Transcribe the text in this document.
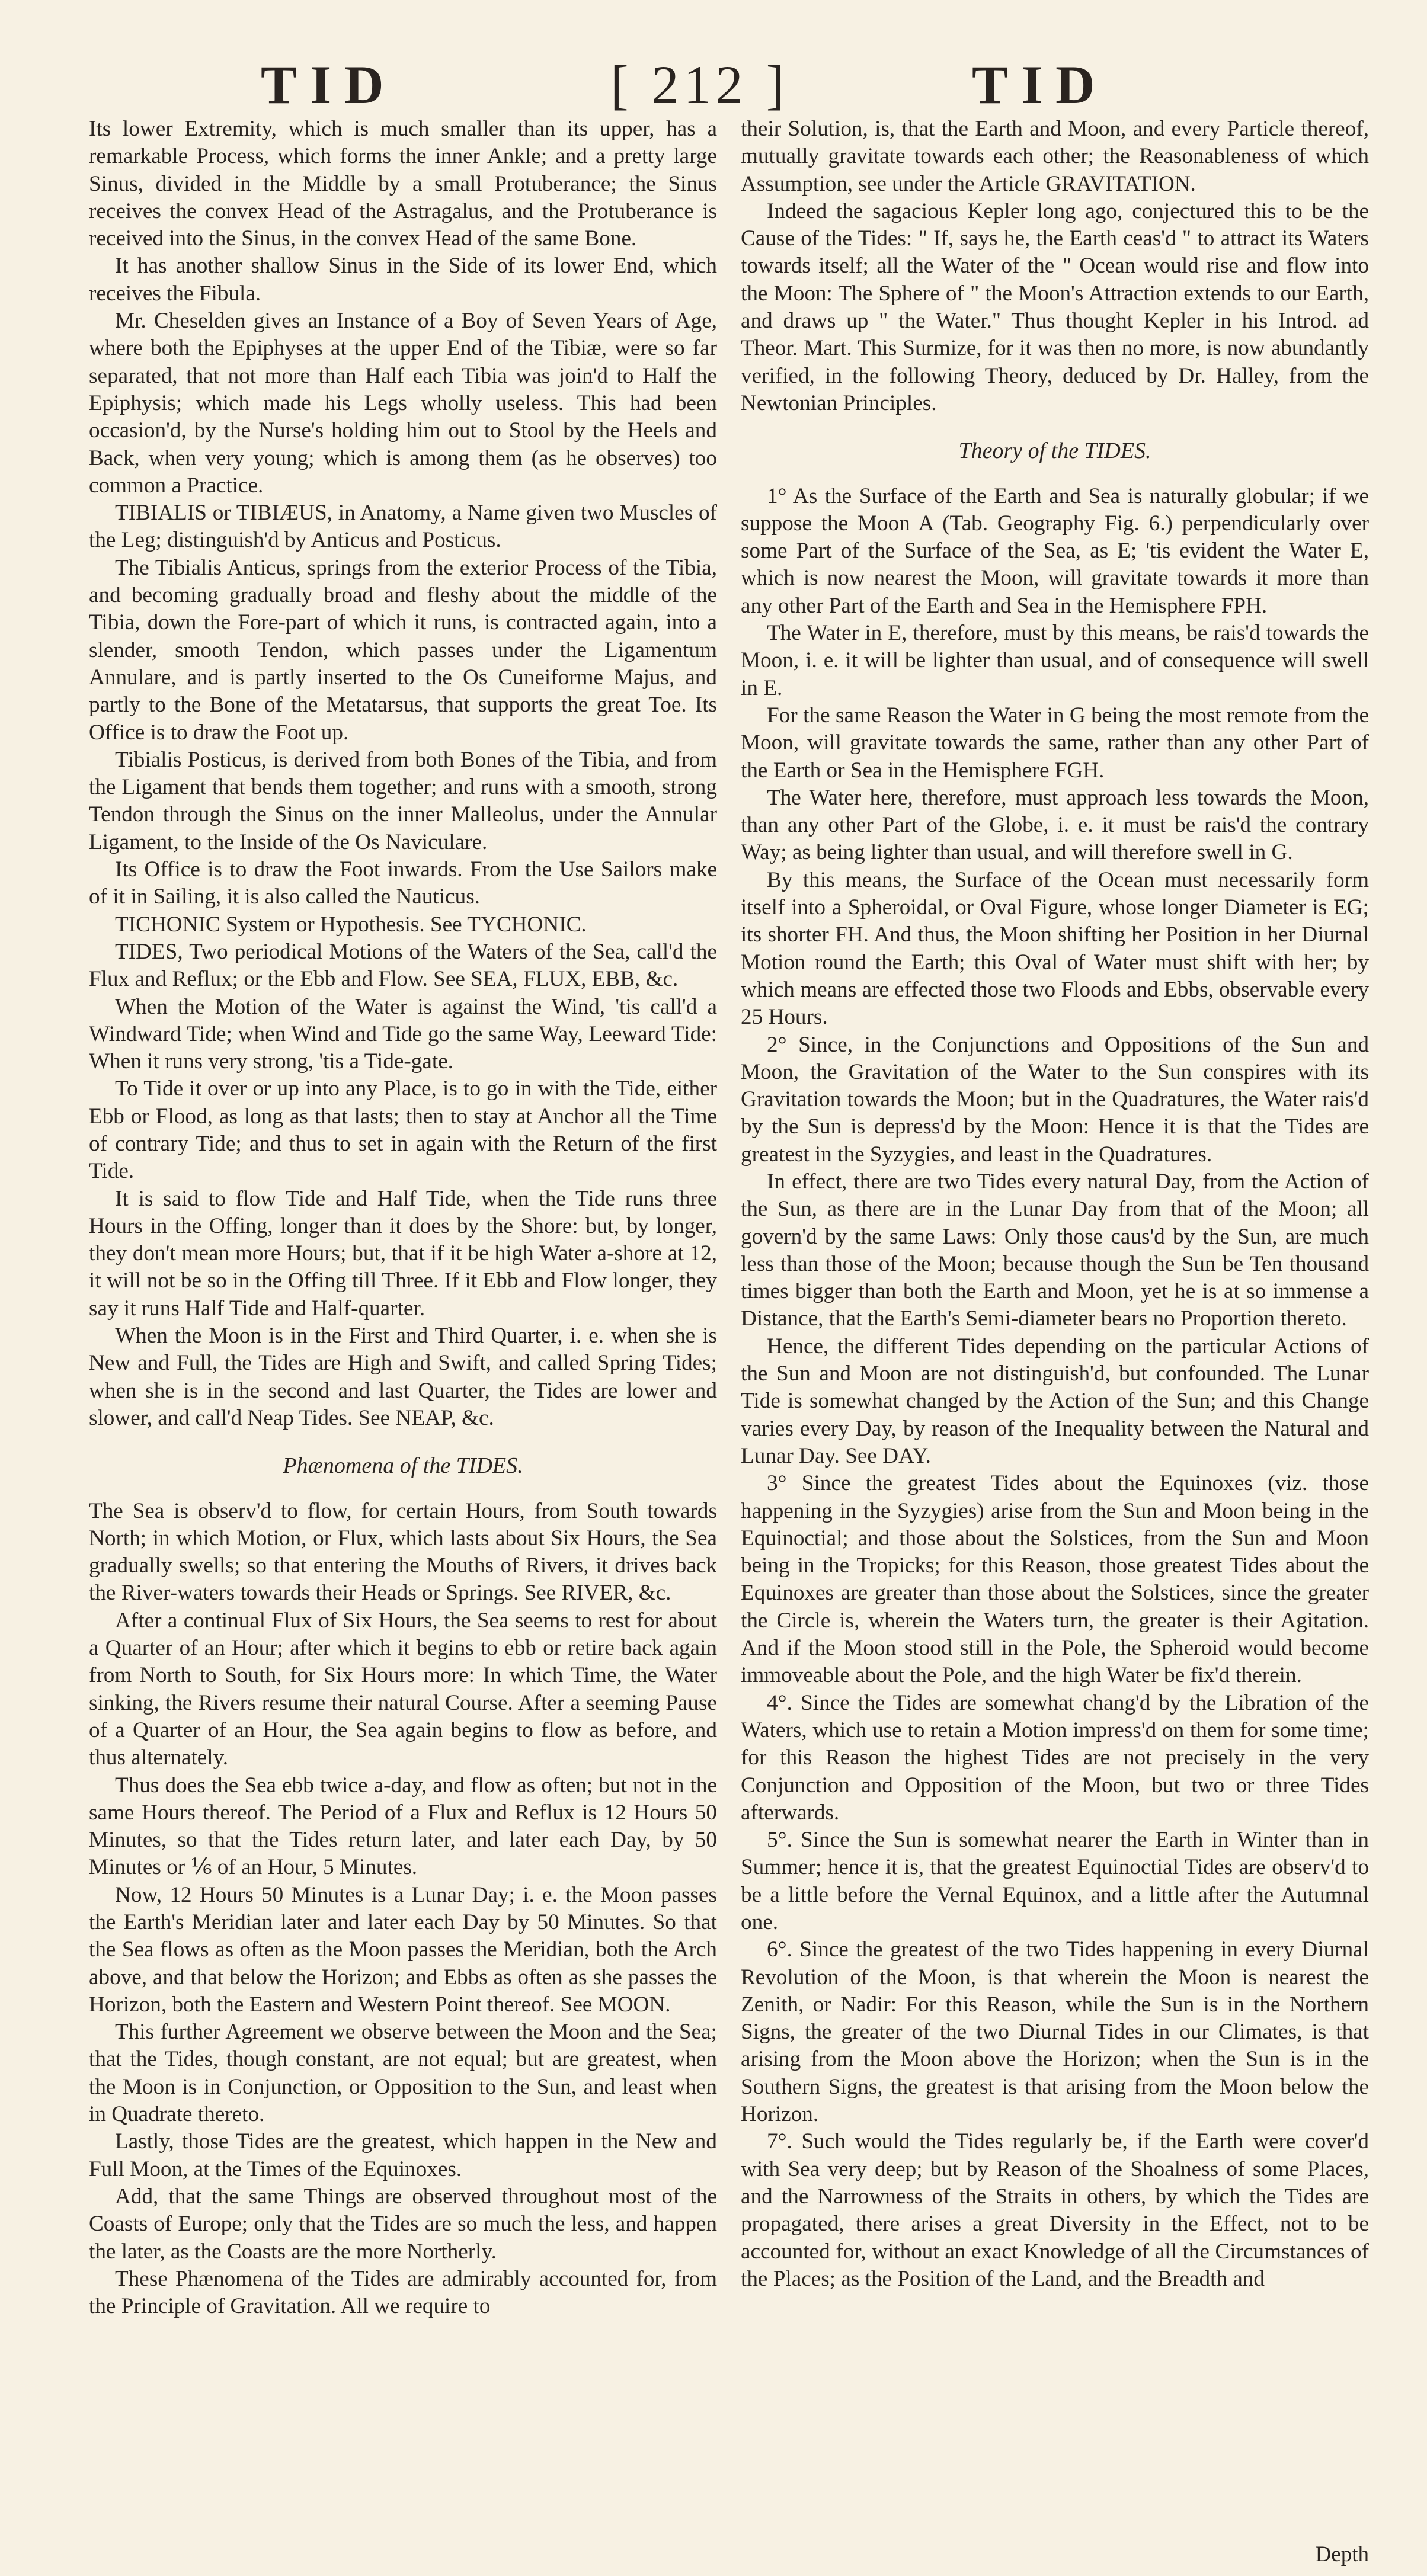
TID	[ 212 ]	TID

Its lower Extremity, which is much smaller than its upper, has a remarkable Process, which forms the inner Ankle; and a pretty large Sinus, divided in the Middle by a small Protuberance; the Sinus receives the convex Head of the Astragalus, and the Protuberance is received into the Sinus, in the convex Head of the same Bone.

It has another shallow Sinus in the Side of its lower End, which receives the Fibula.

Mr. Cheselden gives an Instance of a Boy of Seven Years of Age, where both the Epiphyses at the upper End of the Tibiæ, were so far separated, that not more than Half each Tibia was join'd to Half the Epiphysis; which made his Legs wholly useless. This had been occasion'd, by the Nurse's holding him out to Stool by the Heels and Back, when very young; which is among them (as he observes) too common a Practice.

TIBIALIS or TIBIÆUS, in Anatomy, a Name given two Muscles of the Leg; distinguish'd by Anticus and Posticus.

The Tibialis Anticus, springs from the exterior Process of the Tibia, and becoming gradually broad and fleshy about the middle of the Tibia, down the Fore-part of which it runs, is contracted again, into a slender, smooth Tendon, which passes under the Ligamentum Annulare, and is partly inserted to the Os Cuneiforme Majus, and partly to the Bone of the Metatarsus, that supports the great Toe. Its Office is to draw the Foot up.

Tibialis Posticus, is derived from both Bones of the Tibia, and from the Ligament that bends them together; and runs with a smooth, strong Tendon through the Sinus on the inner Malleolus, under the Annular Ligament, to the Inside of the Os Naviculare.

Its Office is to draw the Foot inwards. From the Use Sailors make of it in Sailing, it is also called the Nauticus.

TICHONIC System or Hypothesis. See TYCHONIC.

TIDES, Two periodical Motions of the Waters of the Sea, call'd the Flux and Reflux; or the Ebb and Flow. See SEA, FLUX, EBB, &c.

When the Motion of the Water is against the Wind, 'tis call'd a Windward Tide; when Wind and Tide go the same Way, Leeward Tide: When it runs very strong, 'tis a Tide-gate.

To Tide it over or up into any Place, is to go in with the Tide, either Ebb or Flood, as long as that lasts; then to stay at Anchor all the Time of contrary Tide; and thus to set in again with the Return of the first Tide.

It is said to flow Tide and Half Tide, when the Tide runs three Hours in the Offing, longer than it does by the Shore: but, by longer, they don't mean more Hours; but, that if it be high Water a-shore at 12, it will not be so in the Offing till Three. If it Ebb and Flow longer, they say it runs Half Tide and Half-quarter.

When the Moon is in the First and Third Quarter, i. e. when she is New and Full, the Tides are High and Swift, and called Spring Tides; when she is in the second and last Quarter, the Tides are lower and slower, and call'd Neap Tides. See NEAP, &c.

Phænomena of the TIDES.

The Sea is observ'd to flow, for certain Hours, from South towards North; in which Motion, or Flux, which lasts about Six Hours, the Sea gradually swells; so that entering the Mouths of Rivers, it drives back the River-waters towards their Heads or Springs. See RIVER, &c.

After a continual Flux of Six Hours, the Sea seems to rest for about a Quarter of an Hour; after which it begins to ebb or retire back again from North to South, for Six Hours more: In which Time, the Water sinking, the Rivers resume their natural Course. After a seeming Pause of a Quarter of an Hour, the Sea again begins to flow as before, and thus alternately.

Thus does the Sea ebb twice a-day, and flow as often; but not in the same Hours thereof. The Period of a Flux and Reflux is 12 Hours 50 Minutes, so that the Tides return later, and later each Day, by 50 Minutes or ⅙ of an Hour, 5 Minutes.

Now, 12 Hours 50 Minutes is a Lunar Day; i. e. the Moon passes the Earth's Meridian later and later each Day by 50 Minutes. So that the Sea flows as often as the Moon passes the Meridian, both the Arch above, and that below the Horizon; and Ebbs as often as she passes the Horizon, both the Eastern and Western Point thereof. See MOON.

This further Agreement we observe between the Moon and the Sea; that the Tides, though constant, are not equal; but are greatest, when the Moon is in Conjunction, or Opposition to the Sun, and least when in Quadrate thereto.

Lastly, those Tides are the greatest, which happen in the New and Full Moon, at the Times of the Equinoxes.

Add, that the same Things are observed throughout most of the Coasts of Europe; only that the Tides are so much the less, and happen the later, as the Coasts are the more Northerly.

These Phænomena of the Tides are admirably accounted for, from the Principle of Gravitation. All we require to

their Solution, is, that the Earth and Moon, and every Particle thereof, mutually gravitate towards each other; the Reasonableness of which Assumption, see under the Article GRAVITATION.

Indeed the sagacious Kepler long ago, conjectured this to be the Cause of the Tides: " If, says he, the Earth ceas'd " to attract its Waters towards itself; all the Water of the " Ocean would rise and flow into the Moon: The Sphere of " the Moon's Attraction extends to our Earth, and draws up " the Water." Thus thought Kepler in his Introd. ad Theor. Mart. This Surmize, for it was then no more, is now abundantly verified, in the following Theory, deduced by Dr. Halley, from the Newtonian Principles.

Theory of the TIDES.

1° As the Surface of the Earth and Sea is naturally globular; if we suppose the Moon A (Tab. Geography Fig. 6.) perpendicularly over some Part of the Surface of the Sea, as E; 'tis evident the Water E, which is now nearest the Moon, will gravitate towards it more than any other Part of the Earth and Sea in the Hemisphere FPH.

The Water in E, therefore, must by this means, be rais'd towards the Moon, i. e. it will be lighter than usual, and of consequence will swell in E.

For the same Reason the Water in G being the most remote from the Moon, will gravitate towards the same, rather than any other Part of the Earth or Sea in the Hemisphere FGH.

The Water here, therefore, must approach less towards the Moon, than any other Part of the Globe, i. e. it must be rais'd the contrary Way; as being lighter than usual, and will therefore swell in G.

By this means, the Surface of the Ocean must necessarily form itself into a Spheroidal, or Oval Figure, whose longer Diameter is EG; its shorter FH. And thus, the Moon shifting her Position in her Diurnal Motion round the Earth; this Oval of Water must shift with her; by which means are effected those two Floods and Ebbs, observable every 25 Hours.

2° Since, in the Conjunctions and Oppositions of the Sun and Moon, the Gravitation of the Water to the Sun conspires with its Gravitation towards the Moon; but in the Quadratures, the Water rais'd by the Sun is depress'd by the Moon: Hence it is that the Tides are greatest in the Syzygies, and least in the Quadratures.

In effect, there are two Tides every natural Day, from the Action of the Sun, as there are in the Lunar Day from that of the Moon; all govern'd by the same Laws: Only those caus'd by the Sun, are much less than those of the Moon; because though the Sun be Ten thousand times bigger than both the Earth and Moon, yet he is at so immense a Distance, that the Earth's Semi-diameter bears no Proportion thereto.

Hence, the different Tides depending on the particular Actions of the Sun and Moon are not distinguish'd, but confounded. The Lunar Tide is somewhat changed by the Action of the Sun; and this Change varies every Day, by reason of the Inequality between the Natural and Lunar Day. See DAY.

3° Since the greatest Tides about the Equinoxes (viz. those happening in the Syzygies) arise from the Sun and Moon being in the Equinoctial; and those about the Solstices, from the Sun and Moon being in the Tropicks; for this Reason, those greatest Tides about the Equinoxes are greater than those about the Solstices, since the greater the Circle is, wherein the Waters turn, the greater is their Agitation. And if the Moon stood still in the Pole, the Spheroid would become immoveable about the Pole, and the high Water be fix'd therein.

4°. Since the Tides are somewhat chang'd by the Libration of the Waters, which use to retain a Motion impress'd on them for some time; for this Reason the highest Tides are not precisely in the very Conjunction and Opposition of the Moon, but two or three Tides afterwards.

5°. Since the Sun is somewhat nearer the Earth in Winter than in Summer; hence it is, that the greatest Equinoctial Tides are observ'd to be a little before the Vernal Equinox, and a little after the Autumnal one.

6°. Since the greatest of the two Tides happening in every Diurnal Revolution of the Moon, is that wherein the Moon is nearest the Zenith, or Nadir: For this Reason, while the Sun is in the Northern Signs, the greater of the two Diurnal Tides in our Climates, is that arising from the Moon above the Horizon; when the Sun is in the Southern Signs, the greatest is that arising from the Moon below the Horizon.

7°. Such would the Tides regularly be, if the Earth were cover'd with Sea very deep; but by Reason of the Shoalness of some Places, and the Narrowness of the Straits in others, by which the Tides are propagated, there arises a great Diversity in the Effect, not to be accounted for, without an exact Knowledge of all the Circumstances of the Places; as the Position of the Land, and the Breadth and

Depth
